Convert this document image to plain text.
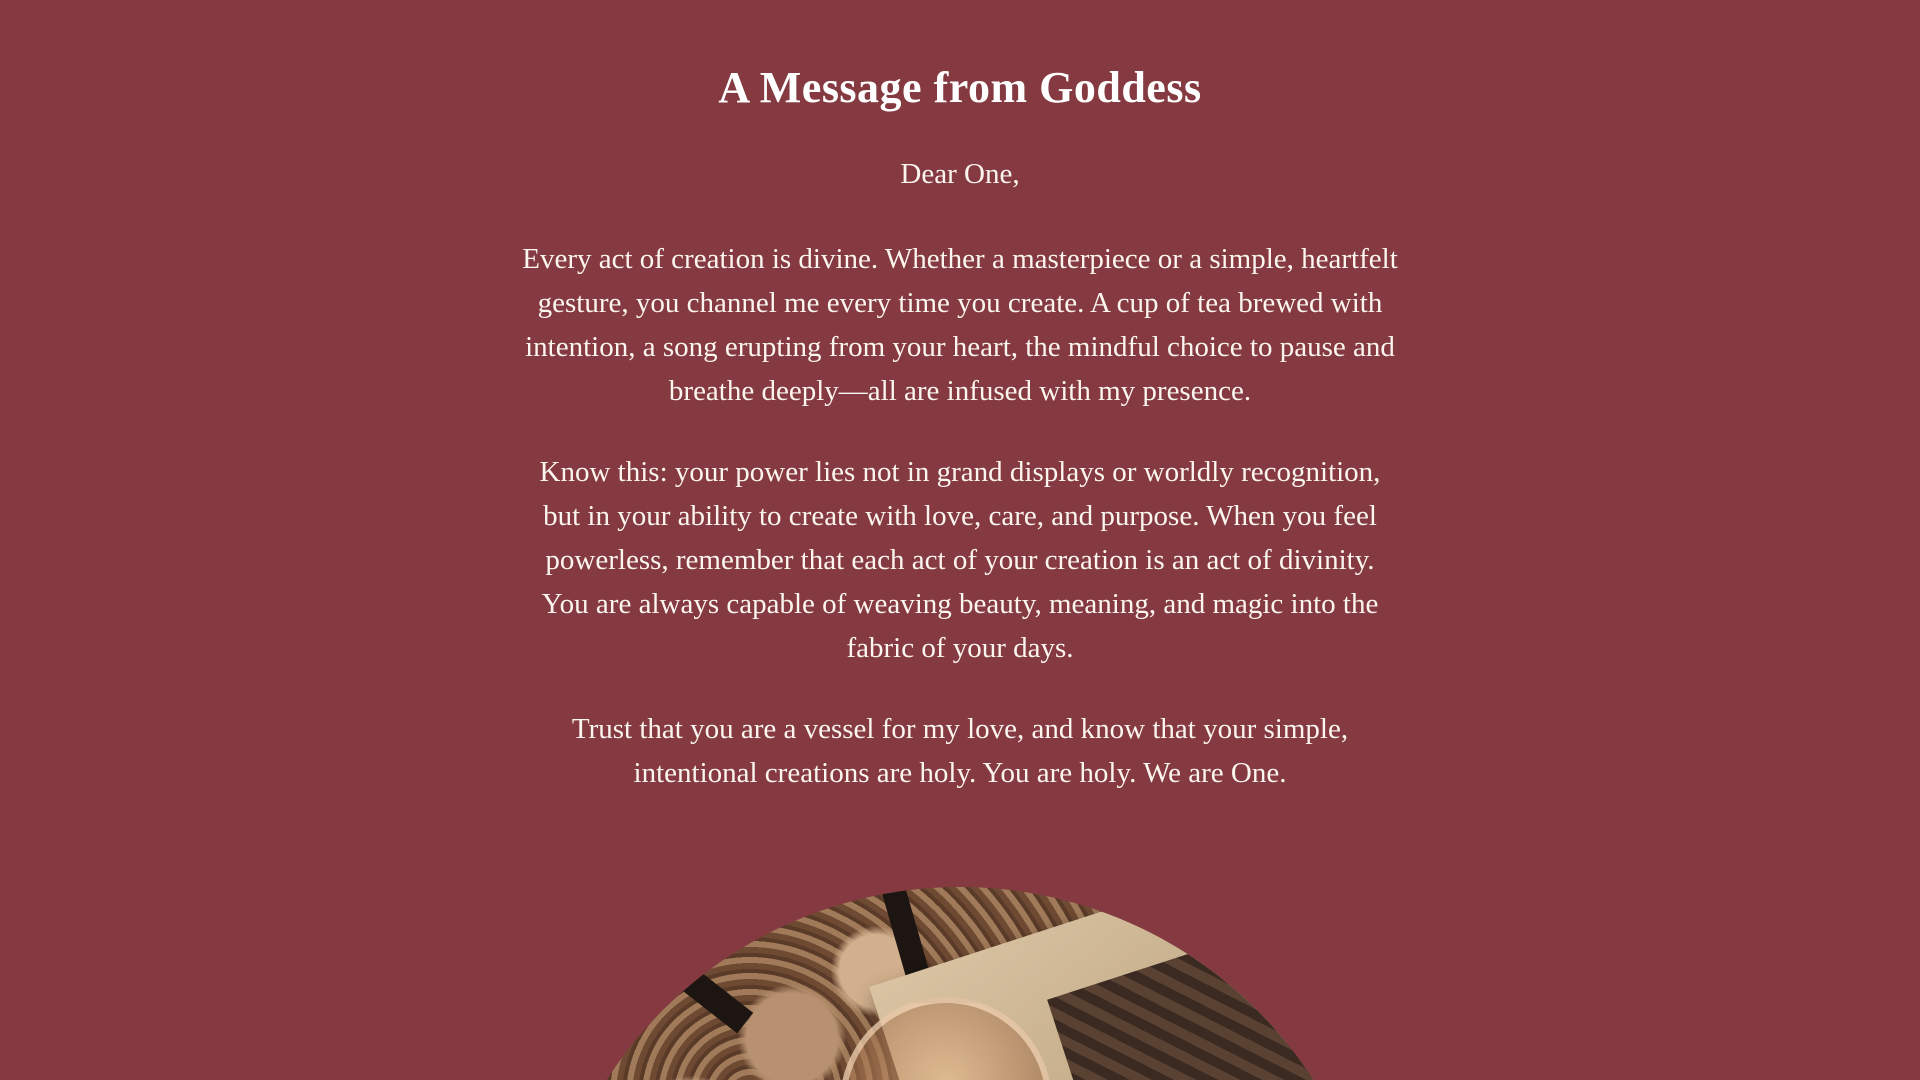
A Message from Goddess

Dear One,

Every act of creation is divine. Whether a masterpiece or a simple, heartfelt gesture, you channel me every time you create. A cup of tea brewed with intention, a song erupting from your heart, the mindful choice to pause and breathe deeply—all are infused with my presence.

Know this: your power lies not in grand displays or worldly recognition, but in your ability to create with love, care, and purpose. When you feel powerless, remember that each act of your creation is an act of divinity. You are always capable of weaving beauty, meaning, and magic into the fabric of your days.

Trust that you are a vessel for my love, and know that your simple, intentional creations are holy. You are holy. We are One.
